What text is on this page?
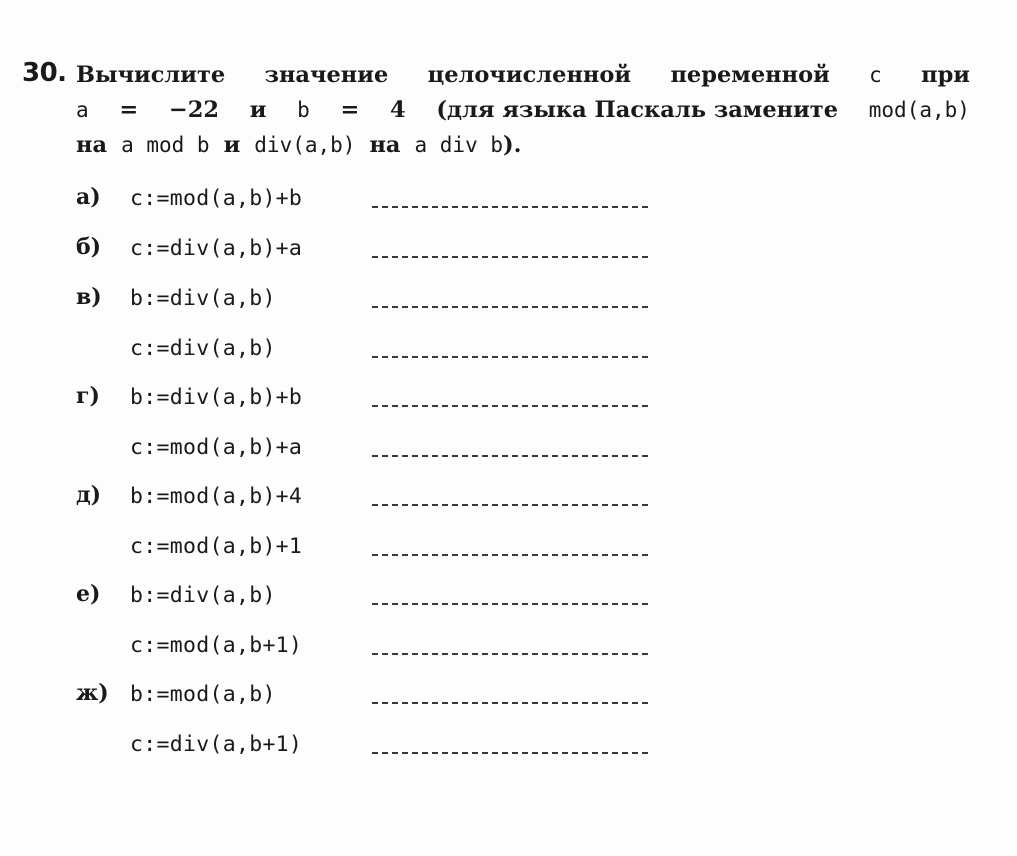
30. Вычислите значение целочисленной переменной с при
a = −22 и b = 4 (для языка Паскаль замените mod(a,b)
на a mod b и div(a,b) на a div b).
а) c:=mod(a,b)+b
б) c:=div(a,b)+a
в) b:=div(a,b)
c:=div(a,b)
г) b:=div(a,b)+b
c:=mod(a,b)+a
д) b:=mod(a,b)+4
c:=mod(a,b)+1
е) b:=div(a,b)
c:=mod(a,b+1)
ж) b:=mod(a,b)
c:=div(a,b+1)
